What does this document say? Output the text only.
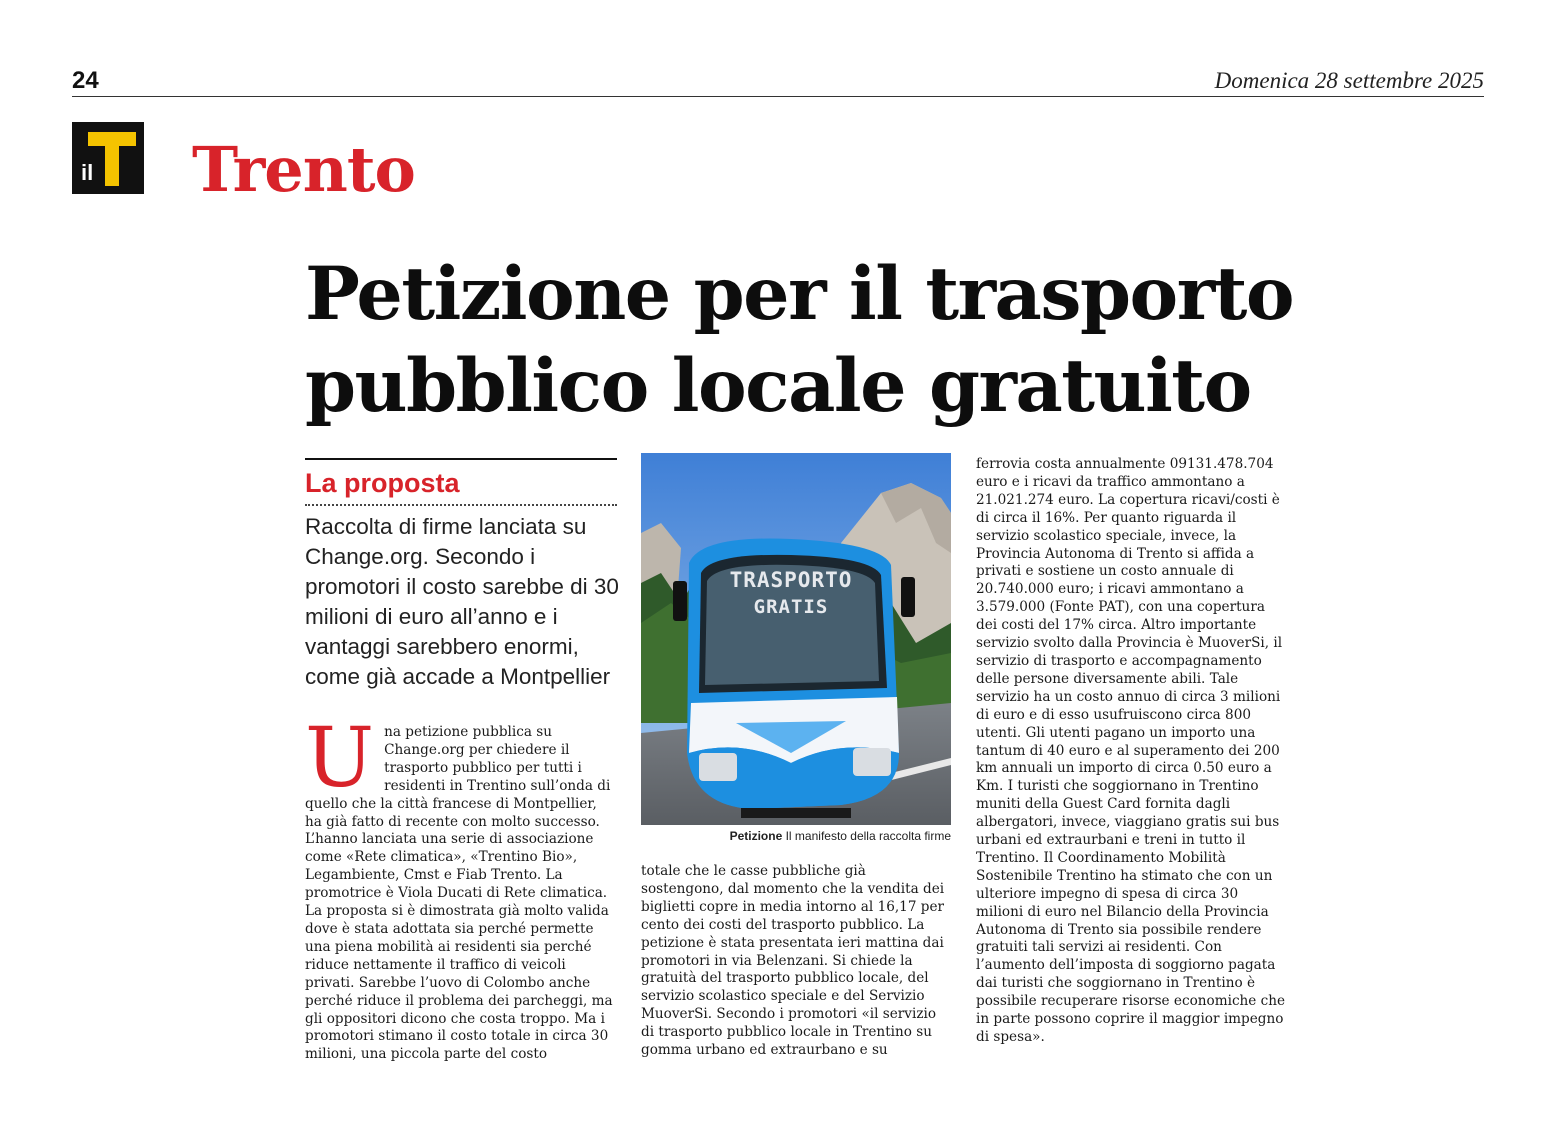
24	Domenica 28 settembre 2025
il Trento
Petizione per il trasporto
pubblico locale gratuito
La proposta
Raccolta di firme lanciata su Change.org. Secondo i promotori il costo sarebbe di 30 milioni di euro all’anno e i vantaggi sarebbero enormi, come già accade a Montpellier
U na petizione pubblica su Change.org per chiedere il trasporto pubblico per tutti i residenti in Trentino sull’onda di quello che la città francese di Montpellier, ha già fatto di recente con molto successo. L’hanno lanciata una serie di associazione come «Rete climatica», «Trentino Bio», Legambiente, Cmst e Fiab Trento. La promotrice è Viola Ducati di Rete climatica. La proposta si è dimostrata già molto valida dove è stata adottata sia perché permette una piena mobilità ai residenti sia perché riduce nettamente il traffico di veicoli privati. Sarebbe l’uovo di Colombo anche perché riduce il problema dei parcheggi, ma gli oppositori dicono che costa troppo. Ma i promotori stimano il costo totale in circa 30 milioni, una piccola parte del costo

TRASPORTO
GRATIS
Petizione Il manifesto della raccolta firme

totale che le casse pubbliche già sostengono, dal momento che la vendita dei biglietti copre in media intorno al 16,17 per cento dei costi del trasporto pubblico. La petizione è stata presentata ieri mattina dai promotori in via Belenzani. Si chiede la gratuità del trasporto pubblico locale, del servizio scolastico speciale e del Servizio MuoverSi. Secondo i promotori «il servizio di trasporto pubblico locale in Trentino su gomma urbano ed extraurbano e su

ferrovia costa annualmente 09131.478.704 euro e i ricavi da traffico ammontano a 21.021.274 euro. La copertura ricavi/costi è di circa il 16%. Per quanto riguarda il servizio scolastico speciale, invece, la Provincia Autonoma di Trento si affida a privati e sostiene un costo annuale di 20.740.000 euro; i ricavi ammontano a 3.579.000 (Fonte PAT), con una copertura dei costi del 17% circa. Altro importante servizio svolto dalla Provincia è MuoverSi, il servizio di trasporto e accompagnamento delle persone diversamente abili. Tale servizio ha un costo annuo di circa 3 milioni di euro e di esso usufruiscono circa 800 utenti. Gli utenti pagano un importo una tantum di 40 euro e al superamento dei 200 km annuali un importo di circa 0.50 euro a Km. I turisti che soggiornano in Trentino muniti della Guest Card fornita dagli albergatori, invece, viaggiano gratis sui bus urbani ed extraurbani e treni in tutto il Trentino. Il Coordinamento Mobilità Sostenibile Trentino ha stimato che con un ulteriore impegno di spesa di circa 30 milioni di euro nel Bilancio della Provincia Autonoma di Trento sia possibile rendere gratuiti tali servizi ai residenti. Con l’aumento dell’imposta di soggiorno pagata dai turisti che soggiornano in Trentino è possibile recuperare risorse economiche che in parte possono coprire il maggior impegno di spesa».
